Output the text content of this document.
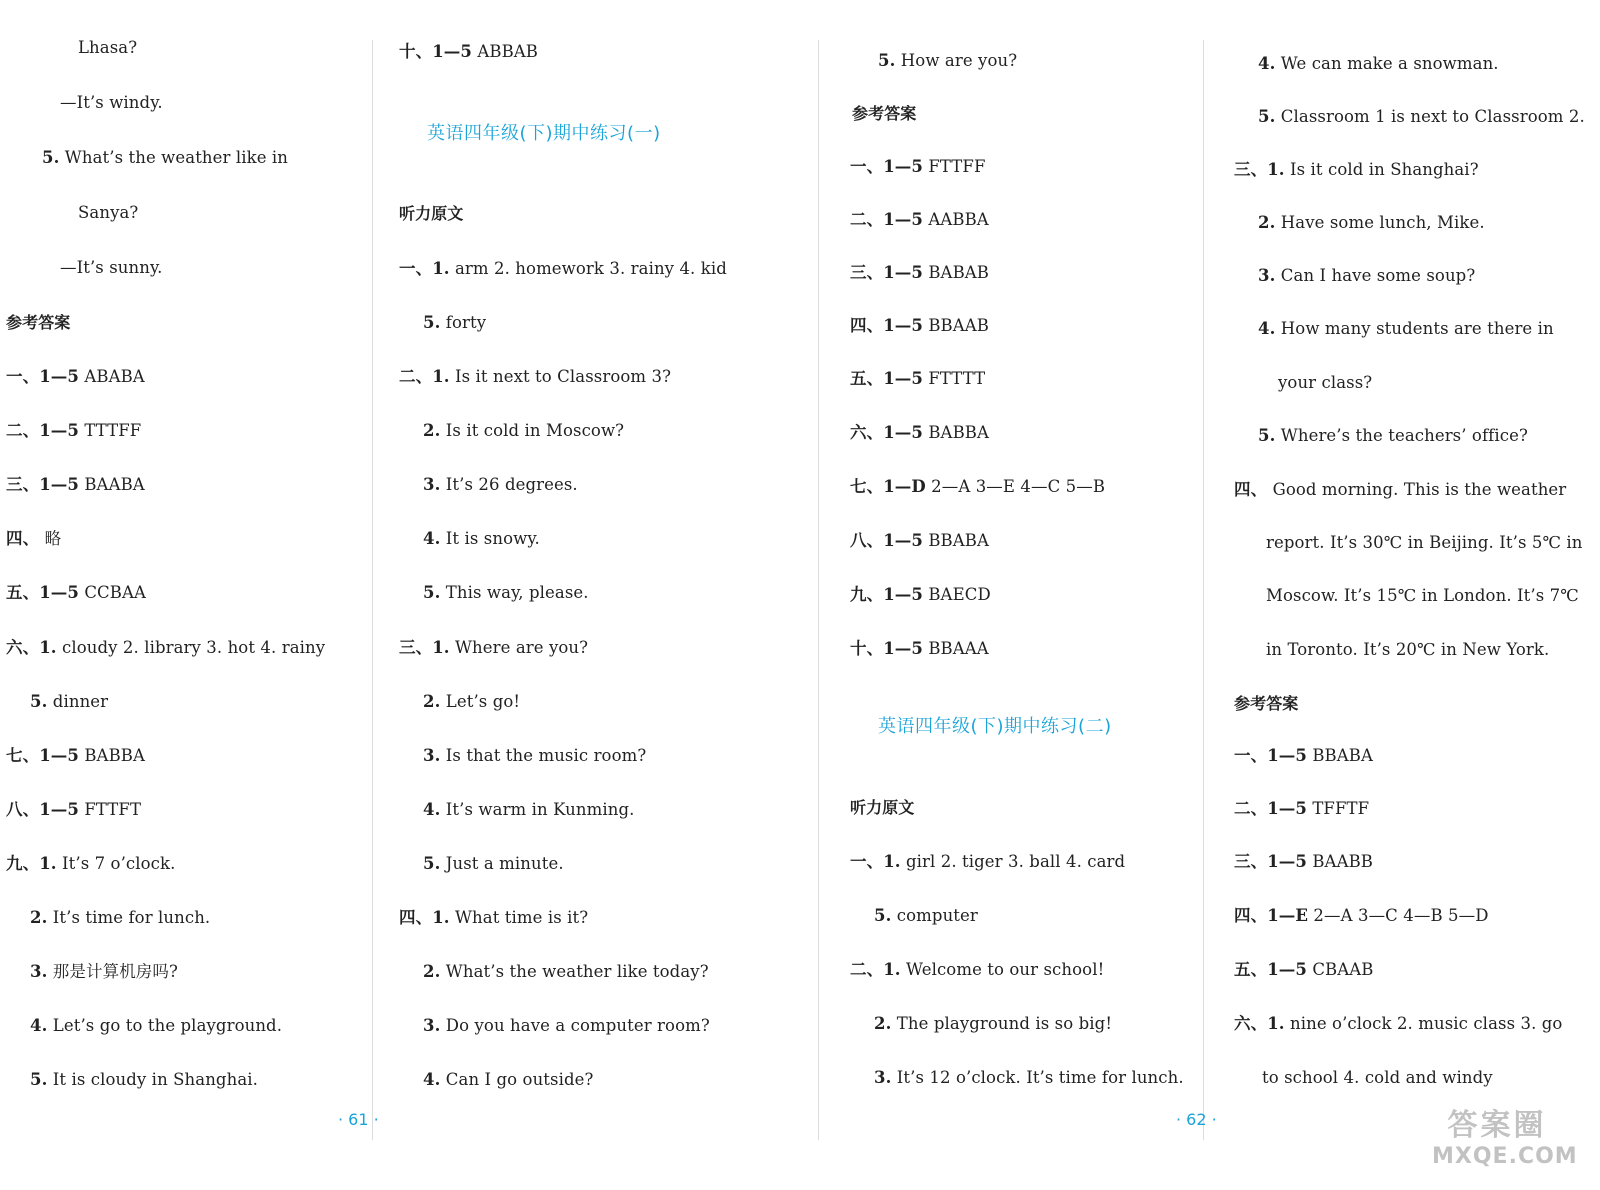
Lhasa?
—It’s windy.
5. What’s the weather like in
Sanya?
—It’s sunny.
参考答案
一、1—5 ABABA
二、1—5 TTTFF
三、1—5 BAABA
四、 略
五、1—5 CCBAA
六、1. cloudy 2. library 3. hot 4. rainy
5. dinner
七、1—5 BABBA
八、1—5 FTTFT
九、1. It’s 7 o’clock.
2. It’s time for lunch.
3. 那是计算机房吗?
4. Let’s go to the playground.
5. It is cloudy in Shanghai.
十、1—5 ABBAB
英语四年级(下)期中练习(一)
听力原文
一、1. arm 2. homework 3. rainy 4. kid
5. forty
二、1. Is it next to Classroom 3?
2. Is it cold in Moscow?
3. It’s 26 degrees.
4. It is snowy.
5. This way, please.
三、1. Where are you?
2. Let’s go!
3. Is that the music room?
4. It’s warm in Kunming.
5. Just a minute.
四、1. What time is it?
2. What’s the weather like today?
3. Do you have a computer room?
4. Can I go outside?
5. How are you?
参考答案
一、1—5 FTTFF
二、1—5 AABBA
三、1—5 BABAB
四、1—5 BBAAB
五、1—5 FTTTT
六、1—5 BABBA
七、1—D 2—A 3—E 4—C 5—B
八、1—5 BBABA
九、1—5 BAECD
十、1—5 BBAAA
英语四年级(下)期中练习(二)
听力原文
一、1. girl 2. tiger 3. ball 4. card
5. computer
二、1. Welcome to our school!
2. The playground is so big!
3. It’s 12 o’clock. It’s time for lunch.
4. We can make a snowman.
5. Classroom 1 is next to Classroom 2.
三、1. Is it cold in Shanghai?
2. Have some lunch, Mike.
3. Can I have some soup?
4. How many students are there in
your class?
5. Where’s the teachers’ office?
四、 Good morning. This is the weather
report. It’s 30℃ in Beijing. It’s 5℃ in
Moscow. It’s 15℃ in London. It’s 7℃
in Toronto. It’s 20℃ in New York.
参考答案
一、1—5 BBABA
二、1—5 TFFTF
三、1—5 BAABB
四、1—E 2—A 3—C 4—B 5—D
五、1—5 CBAAB
六、1. nine o’clock 2. music class 3. go
to school 4. cold and windy
· 61 ·	· 62 ·	答案圈
MXQE.COM
